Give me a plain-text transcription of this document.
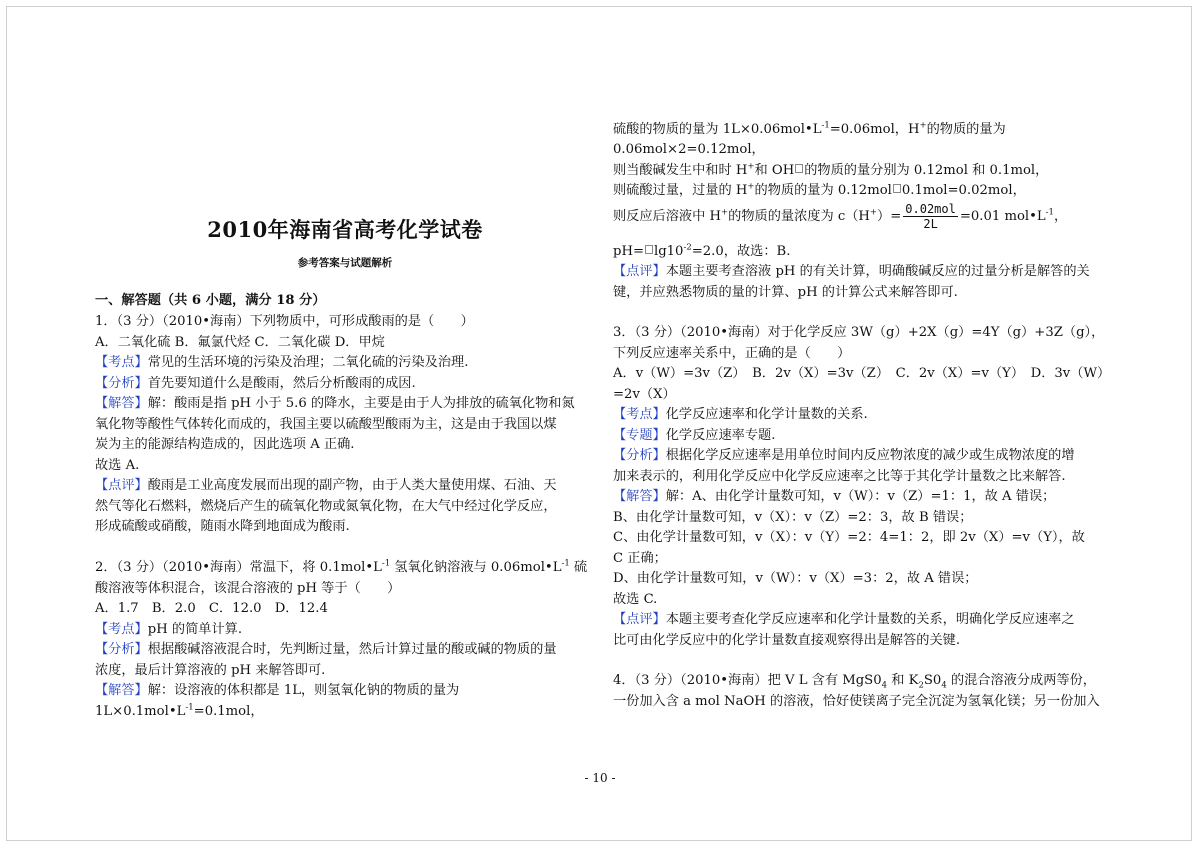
2010年海南省高考化学试卷
参考答案与试题解析
一、解答题（共 6 小题，满分 18 分）
1．（3 分）（2010•海南）下列物质中，可形成酸雨的是（　　）
A．二氧化硫 B．氟氯代烃 C．二氧化碳 D．甲烷
【考点】常见的生活环境的污染及治理；二氧化硫的污染及治理.
【分析】首先要知道什么是酸雨，然后分析酸雨的成因.
【解答】解：酸雨是指 pH 小于 5.6 的降水，主要是由于人为排放的硫氧化物和氮
氧化物等酸性气体转化而成的，我国主要以硫酸型酸雨为主，这是由于我国以煤
炭为主的能源结构造成的，因此选项 A 正确.
故选 A.
【点评】酸雨是工业高度发展而出现的副产物，由于人类大量使用煤、石油、天
然气等化石燃料，燃烧后产生的硫氧化物或氮氧化物，在大气中经过化学反应，
形成硫酸或硝酸，随雨水降到地面成为酸雨.
2．（3 分）（2010•海南）常温下，将 $0.1mol•L^{-1}$ 氢氧化钠溶液与 $0.06mol•L^{-1}$ 硫
酸溶液等体积混合，该混合溶液的 pH 等于（　　）
A．1.7　B．2.0　C．12.0　D．12.4
【考点】pH 的简单计算.
【分析】根据酸碱溶液混合时，先判断过量，然后计算过量的酸或碱的物质的量
浓度，最后计算溶液的 pH 来解答即可.
【解答】解：设溶液的体积都是 1L，则氢氧化钠的物质的量为
$1L\times 0.1mol•L^{-1}=0.1mol$，
硫酸的物质的量为 $1L\times 0.06mol•L^{-1}=0.06mol$，H+的物质的量为
0.06mol×2=0.12mol，
则当酸碱发生中和时 H+和 OH 的物质的量分别为 0.12mol 和 0.1mol，
则硫酸过量，过量的 H+的物质的量为 0.12mol 0.1mol=0.02mol，
则反应后溶液中 H+的物质的量浓度为 $c(H^+)= \frac{\text{0.02mol}}{2L} =0.01$ $mol•L^{-1}$，
$pH= \lg 10^{-2}=2.0$，故选：B.
【点评】本题主要考查溶液 pH 的有关计算，明确酸碱反应的过量分析是解答的关
键，并应熟悉物质的量的计算、pH 的计算公式来解答即可.
3．（3 分）（2010•海南）对于化学反应 3W（g）+2X（g）=4Y（g）+3Z（g），
下列反应速率关系中，正确的是（　　）
A．v（W）=3v（Z）　B．2v（X）=3v（Z）　C．2v（X）=v（Y）　D．3v（W）
=2v（X）
【考点】化学反应速率和化学计量数的关系.
【专题】化学反应速率专题.
【分析】根据化学反应速率是用单位时间内反应物浓度的减少或生成物浓度的增
加来表示的，利用化学反应中化学反应速率之比等于其化学计量数之比来解答.
【解答】解：A、由化学计量数可知，v（W）：v（Z）=1：1，故 A 错误；
B、由化学计量数可知，v（X）：v（Z）=2：3，故 B 错误；
C、由化学计量数可知，v（X）：v（Y）=2：4=1：2，即 2v（X）=v（Y），故
C 正确；
D、由化学计量数可知，v（W）：v（X）=3：2，故 A 错误；
故选 C.
【点评】本题主要考查化学反应速率和化学计量数的关系，明确化学反应速率之
比可由化学反应中的化学计量数直接观察得出是解答的关键.
4．（3 分）（2010•海南）把 V L 含有 $MgS0_4$ 和 $K_2S0_4$ 的混合溶液分成两等份，
一份加入含 a mol NaOH 的溶液，恰好使镁离子完全沉淀为氢氧化镁；另一份加入
- 10 -
